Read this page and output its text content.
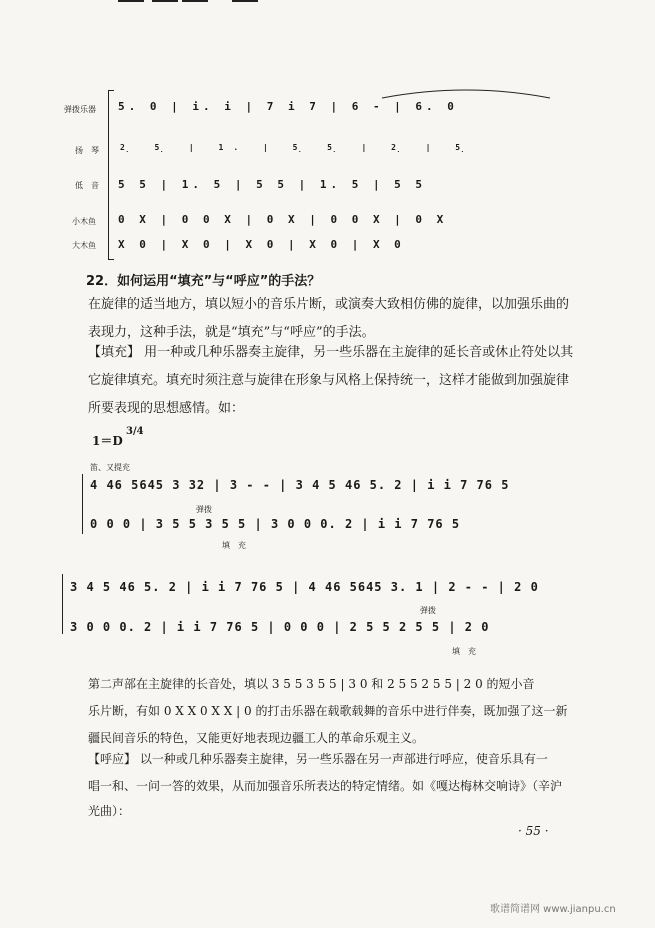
弹拨乐器
扬　琴
低　音
小木鱼
大木鱼
5. 0 | i. i | 7 i 7 | 6 - | 6. 0
2̣ 5̣ | 1. | 5̣ 5̣ | 2̣ | 5̣
5 5 | 1. 5 | 5 5 | 1. 5 | 5 5
0 X | 0 0 X | 0 X | 0 0 X | 0 X
X 0 | X 0 | X 0 | X 0 | X 0
22．如何运用“填充”与“呼应”的手法？
在旋律的适当地方，填以短小的音乐片断，或演奏大致相仿佛的旋律，以加强乐曲的表现力，这种手法，就是“填充”与“呼应”的手法。
【填充】 用一种或几种乐器奏主旋律，另一些乐器在主旋律的延长音或休止符处以其它旋律填充。填充时须注意与旋律在形象与风格上保持统一，这样才能做到加强旋律所要表现的思想感情。如：
1＝D
3/4
笛、又提充
4 46 5645 3 32 | 3 - - | 3 4 5 46 5. 2 | i i 7 76 5
弹拨
0 0 0 | 3 5 5 3 5 5 | 3 0 0 0. 2 | i i 7 76 5
填　充
3 4 5 46 5. 2 | i i 7 76 5 | 4 46 5645 3. 1 | 2 - - | 2 0
弹拨
3 0 0 0. 2 | i i 7 76 5 | 0 0 0 | 2 5 5 2 5 5 | 2 0
填　充
第二声部在主旋律的长音处，填以 3 5 5 3 5 5 | 3 0 和 2 5 5 2 5 5 | 2 0 的短小音
乐片断，有如 0 X X 0 X X | 0 的打击乐器在载歌载舞的音乐中进行伴奏，既加强了这一新
疆民间音乐的特色，又能更好地表现边疆工人的革命乐观主义。
【呼应】 以一种或几种乐器奏主旋律，另一些乐器在另一声部进行呼应，使音乐具有一
唱一和、一问一答的效果，从而加强音乐所表达的特定情绪。如《嘎达梅林交响诗》（辛沪
光曲）：
· 55 ·
歌谱简谱网 www.jianpu.cn
